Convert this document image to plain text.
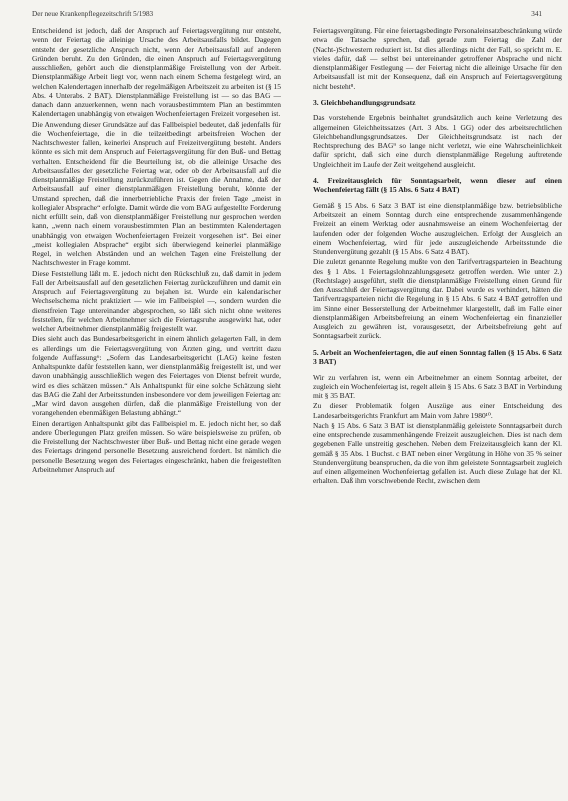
Der neue Krankenpflegezeitschrift 5/1983	341

Entscheidend ist jedoch, daß der Anspruch auf Feiertagsvergütung nur entsteht, wenn der Feiertag die alleinige Ursache des Arbeitsausfalls bildet. Dagegen entsteht der gesetzliche Anspruch nicht, wenn der Arbeitsausfall auf anderen Gründen beruht. Zu den Gründen, die einen Anspruch auf Feiertagsvergütung ausschließen, gehört auch die dienstplanmäßige Freistellung von der Arbeit. Dienstplanmäßige Arbeit liegt vor, wenn nach einem Schema festgelegt wird, an welchen Kalendertagen innerhalb der regelmäßigen Arbeitszeit zu arbeiten ist (§ 15 Abs. 4 Unterabs. 2 BAT). Dienstplanmäßige Freistellung ist — so das BAG — danach dann anzuerkennen, wenn nach vorausbestimmtem Plan an bestimmten Kalendertagen unabhängig von etwaigen Wochenfeiertagen Freizeit vorgesehen ist.

Die Anwendung dieser Grundsätze auf das Fallbeispiel bedeutet, daß jedenfalls für die Wochenfeiertage, die in die teilzeitbedingt arbeitsfreien Wochen der Nachtschwester fallen, keinerlei Anspruch auf Freizeitvergütung besteht. Anders könnte es sich mit dem Anspruch auf Feiertagsvergütung für den Buß- und Bettag verhalten. Entscheidend für die Beurteilung ist, ob die alleinige Ursache des Arbeitsausfalles der gesetzliche Feiertag war, oder ob der Arbeitsausfall auf die dienstplanmäßige Freistellung zurückzuführen ist. Gegen die Annahme, daß der Arbeitsausfall auf einer dienstplanmäßigen Freistellung beruht, könnte der Umstand sprechen, daß die innerbetriebliche Praxis der freien Tage „meist in kollegialer Absprache“ erfolgte. Damit würde die vom BAG aufgestellte Forderung nicht erfüllt sein, daß von dienstplanmäßiger Freistellung nur gesprochen werden kann, „wenn nach einem vorausbestimmten Plan an bestimmten Kalendertagen unabhängig von etwaigen Wochenfeiertagen Freizeit vorgesehen ist“. Bei einer „meist kollegialen Absprache“ ergibt sich überwiegend keinerlei planmäßige Regel, in welchen Abständen und an welchen Tagen eine Freistellung der Nachtschwester in Frage kommt.

Diese Feststellung läßt m. E. jedoch nicht den Rückschluß zu, daß damit in jedem Fall der Arbeitsausfall auf den gesetzlichen Feiertag zurückzuführen und damit ein Anspruch auf Feiertagsvergütung zu bejahen ist. Wurde ein kalendarischer Wechselschema nicht praktiziert — wie im Fallbeispiel —, sondern wurden die dienstfreien Tage untereinander abgesprochen, so läßt sich nicht ohne weiteres feststellen, für welchen Arbeitnehmer sich die Feiertagsruhe ausgewirkt hat, oder welcher Arbeitnehmer dienstplanmäßig freigestellt war.

Dies sieht auch das Bundesarbeitsgericht in einem ähnlich gelagerten Fall, in dem es allerdings um die Feiertagsvergütung von Ärzten ging, und vertritt dazu folgende Auffassung⁶: „Sofern das Landesarbeitsgericht (LAG) keine festen Anhaltspunkte dafür feststellen kann, wer dienstplanmäßig freigestellt ist, und wer davon unabhängig ausschließlich wegen des Feiertages von Dienst befreit wurde, wird es dies schätzen müssen.“ Als Anhaltspunkt für eine solche Schätzung sieht das BAG die Zahl der Arbeitsstunden insbesondere vor dem jeweiligen Feiertag an: „Mar wird davon ausgehen dürfen, daß die planmäßige Freistellung von der vorangehenden ebenmäßigen Belastung abhängt.“

Einen derartigen Anhaltspunkt gibt das Fallbeispiel m. E. jedoch nicht her, so daß andere Überlegungen Platz greifen müssen. So wäre beispielsweise zu prüfen, ob die Freistellung der Nachtschwester über Buß- und Bettag nicht eine gerade wegen des Feiertags dringend personelle Besetzung ausreichend fordert. Ist nämlich die personelle Besetzung wegen des Feiertages eingeschränkt, haben die freigestellten Arbeitnehmer Anspruch auf

Feiertagsvergütung. Für eine feiertagsbedingte Personaleinsatzbeschränkung würde etwa die Tatsache sprechen, daß gerade zum Feiertag die Zahl der (Nacht-)Schwestern reduziert ist. Ist dies allerdings nicht der Fall, so spricht m. E. vieles dafür, daß — selbst bei untereinander getroffener Absprache und nicht dienstplanmäßiger Festlegung — der Feiertag nicht die alleinige Ursache für den Arbeitsausfall ist mit der Konsequenz, daß ein Anspruch auf Feiertagsvergütung nicht besteht⁸.

3. Gleichbehandlungsgrundsatz

Das vorstehende Ergebnis beinhaltet grundsätzlich auch keine Verletzung des allgemeinen Gleichheitssatzes (Art. 3 Abs. 1 GG) oder des arbeitsrechtlichen Gleichbehandlungsgrundsatzes. Der Gleichheitsgrundsatz ist nach der Rechtsprechung des BAG⁹ so lange nicht verletzt, wie eine Wahrscheinlichkeit dafür spricht, daß sich eine durch dienstplanmäßige Regelung auftretende Ungleichheit im Laufe der Zeit weitgehend ausgleicht.

4. Freizeitausgleich für Sonntagsarbeit, wenn dieser auf einen Wochenfeiertag fällt (§ 15 Abs. 6 Satz 4 BAT)

Gemäß § 15 Abs. 6 Satz 3 BAT ist eine dienstplanmäßige bzw. betriebsübliche Arbeitszeit an einem Sonntag durch eine entsprechende zusammenhängende Freizeit an einem Werktag oder ausnahmsweise an einem Wochenfeiertag der laufenden oder der folgenden Woche auszugleichen. Erfolgt der Ausgleich an einem Wochenfeiertag, wird für jede auszugleichende Arbeitsstunde die Stundenvergütung gezahlt (§ 15 Abs. 6 Satz 4 BAT).

Die zuletzt genannte Regelung mußte von den Tarifvertragsparteien in Beachtung des § 1 Abs. 1 Feiertagslohnzahlungsgesetz getroffen werden. Wie unter 2.) (Rechtslage) ausgeführt, stellt die dienstplanmäßige Freistellung einen Grund für den Ausschluß der Feiertagsvergütung dar. Dabei wurde es verhindert, hätten die Tarifvertragsparteien nicht die Regelung in § 15 Abs. 6 Satz 4 BAT getroffen und im Sinne einer Besserstellung der Arbeitnehmer klargestellt, daß im Falle einer dienstplanmäßigen Arbeitsbefreiung an einem Wochenfeiertag ein finanzieller Ausgleich zu gewähren ist, vorausgesetzt, der Arbeitsbefreiung geht auf Sonntagsarbeit zurück.

5. Arbeit an Wochenfeiertagen, die auf einen Sonntag fallen (§ 15 Abs. 6 Satz 3 BAT)

Wir zu verfahren ist, wenn ein Arbeitnehmer an einem Sonntag arbeitet, der zugleich ein Wochenfeiertag ist, regelt allein § 15 Abs. 6 Satz 3 BAT in Verbindung mit § 35 BAT.

Zu dieser Problematik folgen Auszüge aus einer Entscheidung des Landesarbeitsgerichts Frankfurt am Main vom Jahre 1980¹⁰.

Nach § 15 Abs. 6 Satz 3 BAT ist dienstplanmäßig geleistete Sonntagsarbeit durch eine entsprechende zusammenhängende Freizeit auszugleichen. Dies ist nach dem gegebenen Falle unstreitig geschehen. Neben dem Freizeitausgleich kann der Kl. gemäß § 35 Abs. 1 Buchst. c BAT neben einer Vergütung in Höhe von 35 % seiner Stundenvergütung beanspruchen, da die von ihm geleistete Sonntagsarbeit zugleich auf einen allgemeinen Wochenfeiertag gefallen ist. Auch diese Zulage hat der Kl. erhalten. Daß ihm vorschwebende Recht, zwischen dem
